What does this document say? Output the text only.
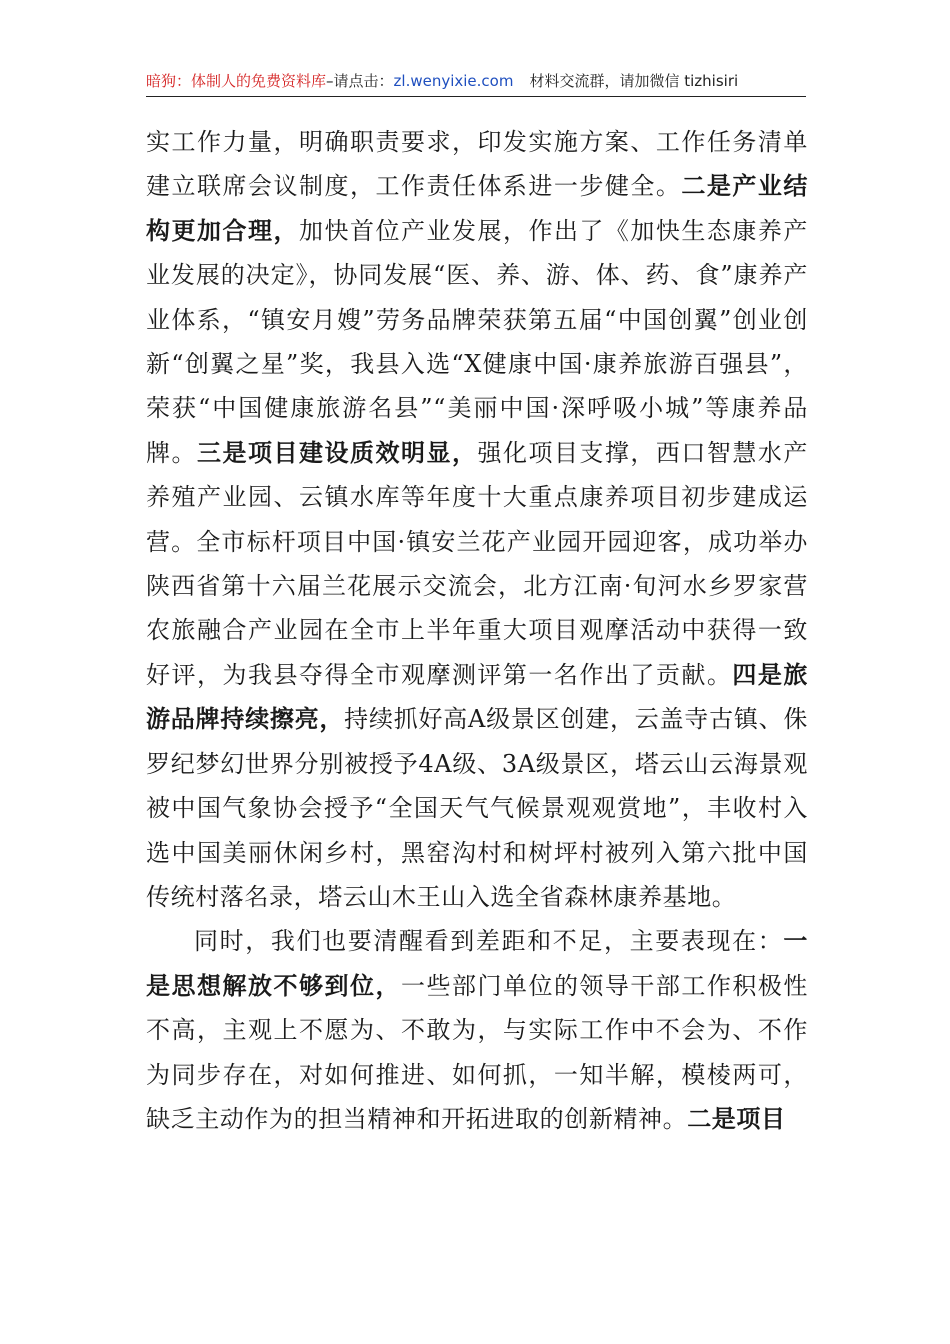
暗狗：体制人的免费资料库–请点击：zl.wenyixie.com 材料交流群，请加微信 tizhisiri

实工作力量，明确职责要求，印发实施方案、工作任务清单建立联席会议制度，工作责任体系进一步健全。二是产业结构更加合理，加快首位产业发展，作出了《加快生态康养产业发展的决定》，协同发展“医、养、游、体、药、食”康养产业体系，“镇安月嫂”劳务品牌荣获第五届“中国创翼”创业创新“创翼之星”奖，我县入选“X健康中国·康养旅游百强县”，荣获“中国健康旅游名县”“美丽中国·深呼吸小城”等康养品牌。三是项目建设质效明显，强化项目支撑，西口智慧水产养殖产业园、云镇水库等年度十大重点康养项目初步建成运营。全市标杆项目中国·镇安兰花产业园开园迎客，成功举办陕西省第十六届兰花展示交流会，北方江南·旬河水乡罗家营农旅融合产业园在全市上半年重大项目观摩活动中获得一致好评，为我县夺得全市观摩测评第一名作出了贡献。四是旅游品牌持续擦亮，持续抓好高A级景区创建，云盖寺古镇、侏罗纪梦幻世界分别被授予4A级、3A级景区，塔云山云海景观被中国气象协会授予“全国天气气候景观观赏地”，丰收村入选中国美丽休闲乡村，黑窑沟村和树坪村被列入第六批中国传统村落名录，塔云山木王山入选全省森林康养基地。

同时，我们也要清醒看到差距和不足，主要表现在：一是思想解放不够到位，一些部门单位的领导干部工作积极性不高，主观上不愿为、不敢为，与实际工作中不会为、不作为同步存在，对如何推进、如何抓，一知半解，模棱两可，缺乏主动作为的担当精神和开拓进取的创新精神。二是项目
